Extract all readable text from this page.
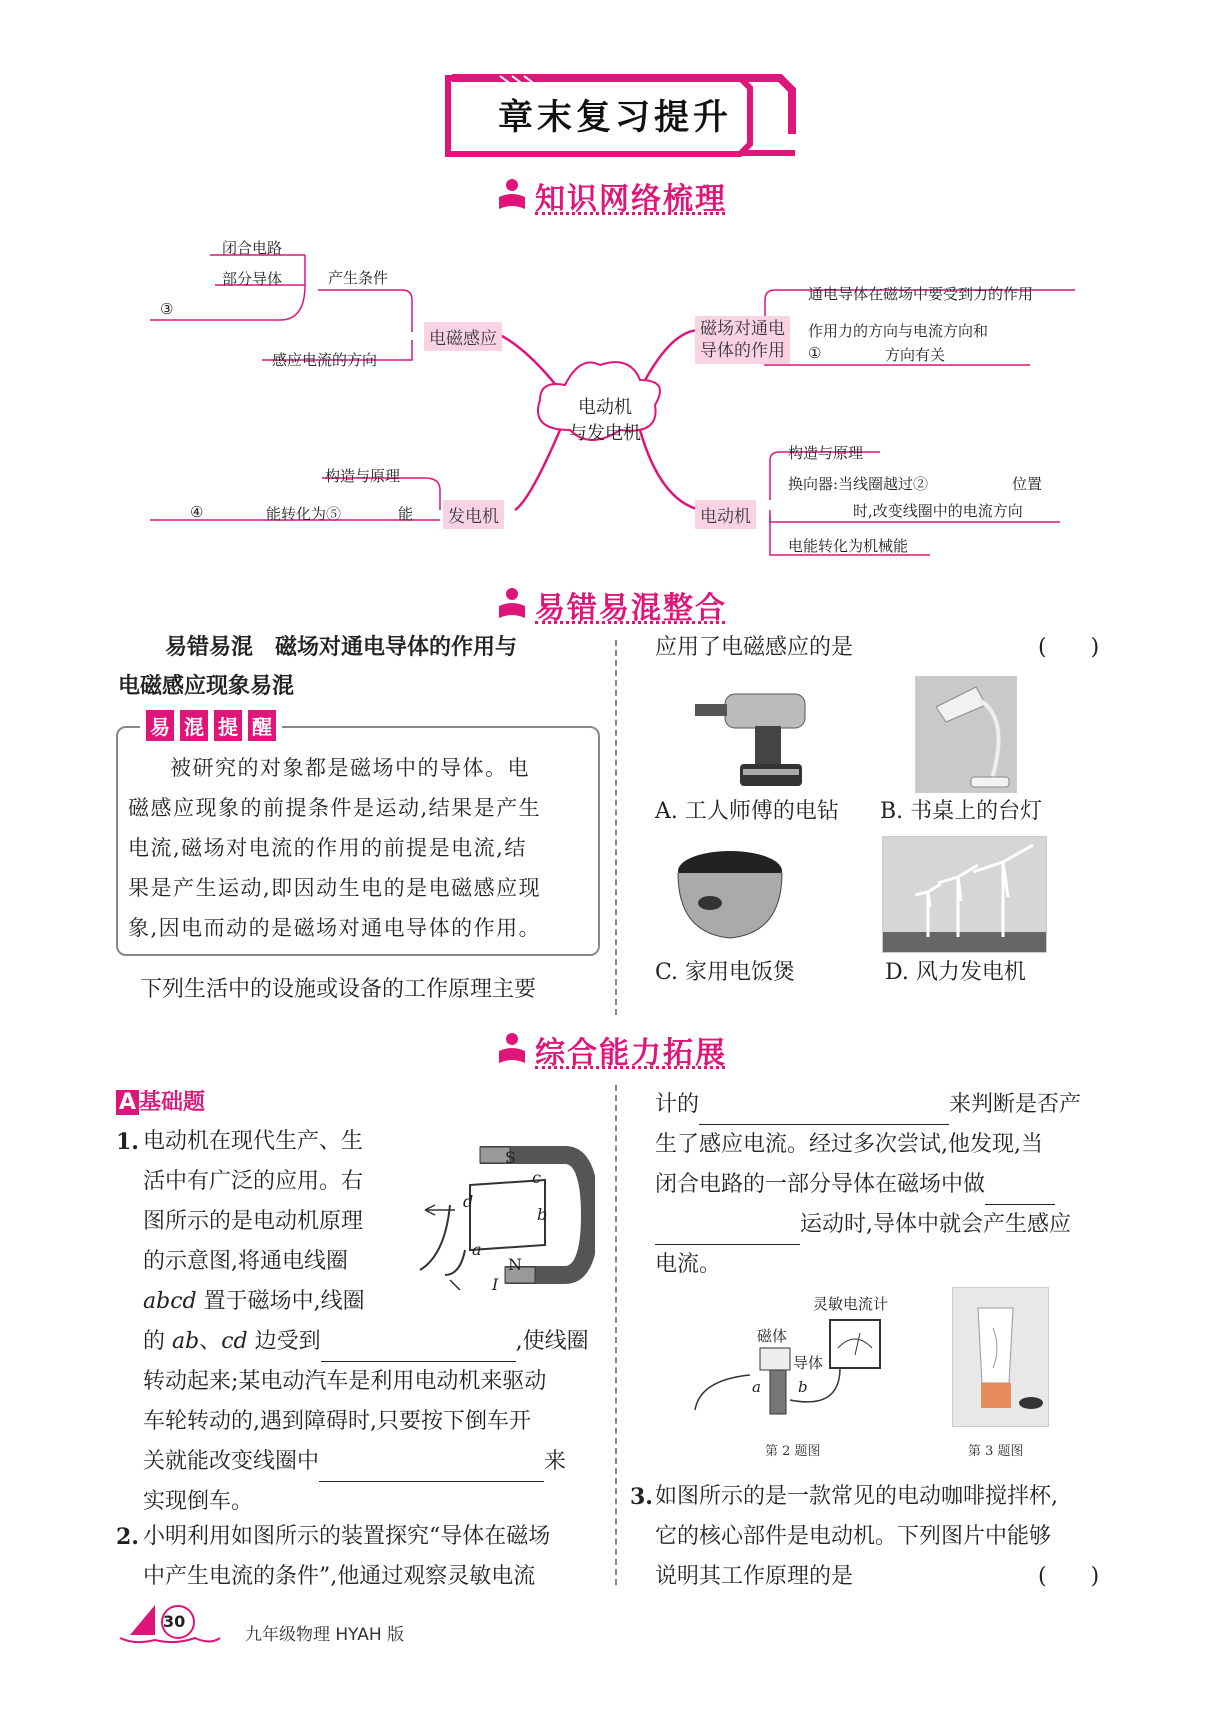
章末复习提升
知识网络梳理
电动机
与发电机
电磁感应
产生条件
闭合电路
部分导体
③
感应电流的方向
发电机
构造与原理
④	能转化为⑤	能
磁场对通电
导体的作用
通电导体在磁场中要受到力的作用
作用力的方向与电流方向和
①	方向有关
电动机
构造与原理
换向器:当线圈越过②	位置
时,改变线圈中的电流方向
电能转化为机械能
易错易混整合
易错易混　磁场对通电导体的作用与
电磁感应现象易混
易 混 提 醒
被研究的对象都是磁场中的导体。电
磁感应现象的前提条件是运动,结果是产生
电流,磁场对电流的作用的前提是电流,结
果是产生运动,即因动生电的是电磁感应现
象,因电而动的是磁场对通电导体的作用。
下列生活中的设施或设备的工作原理主要
应用了电磁感应的是	(　　)
A. 工人师傅的电钻 B. 书桌上的台灯
C. 家用电饭煲	D. 风力发电机
综合能力拓展
A 基础题
1. 电动机在现代生产、生
活中有广泛的应用。右
图所示的是电动机原理
的示意图,将通电线圈
abcd 置于磁场中,线圈
S
c
d
b
a
N
I
的 ab、cd 边受到	,使线圈
转动起来;某电动汽车是利用电动机来驱动
车轮转动的,遇到障碍时,只要按下倒车开
关就能改变线圈中	来
实现倒车。
2. 小明利用如图所示的装置探究“导体在磁场
中产生电流的条件”,他通过观察灵敏电流
计的	来判断是否产
生了感应电流。经过多次尝试,他发现,当
闭合电路的一部分导体在磁场中做
运动时,导体中就会产生感应
电流。
灵敏电流计
磁体
导体
a b
第 2 题图	第 3 题图
3. 如图所示的是一款常见的电动咖啡搅拌杯,
它的核心部件是电动机。下列图片中能够
说明其工作原理的是	(　　)
30
九年级物理 HYAH 版
